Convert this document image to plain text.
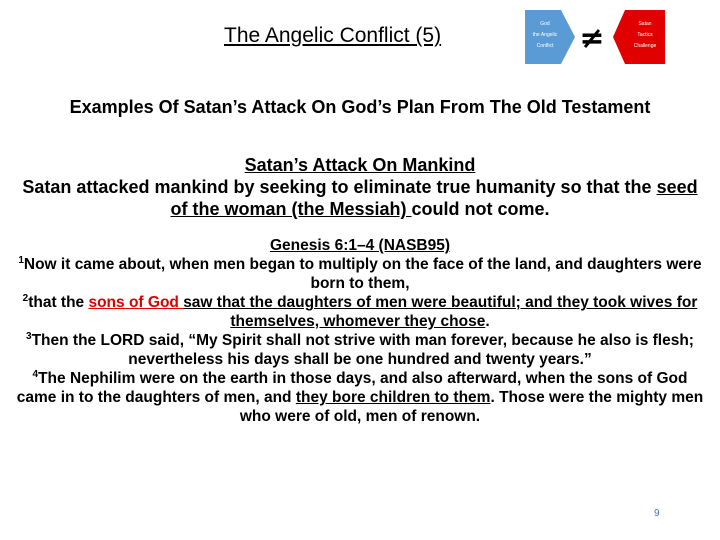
The Angelic Conflict (5)	God
the Angelic
Conflict ≠	Satan
Tactics
Challenge
Examples Of Satan’s Attack On God’s Plan From The Old Testament
Satan’s Attack On Mankind
Satan attacked mankind by seeking to eliminate true humanity so that the seed of the woman (the Messiah) could not come.
Genesis 6:1–4 (NASB95)
$^1$Now it came about, when men began to multiply on the face of the land, and daughters were born to them,
$^2$that the sons of God saw that the daughters of men were beautiful; and they took wives for themselves, whomever they chose.
$^3$Then the LORD said, “My Spirit shall not strive with man forever, because he also is flesh; nevertheless his days shall be one hundred and twenty years.”
$^4$The Nephilim were on the earth in those days, and also afterward, when the sons of God came in to the daughters of men, and they bore children to them. Those were the mighty men who were of old, men of renown.
9
